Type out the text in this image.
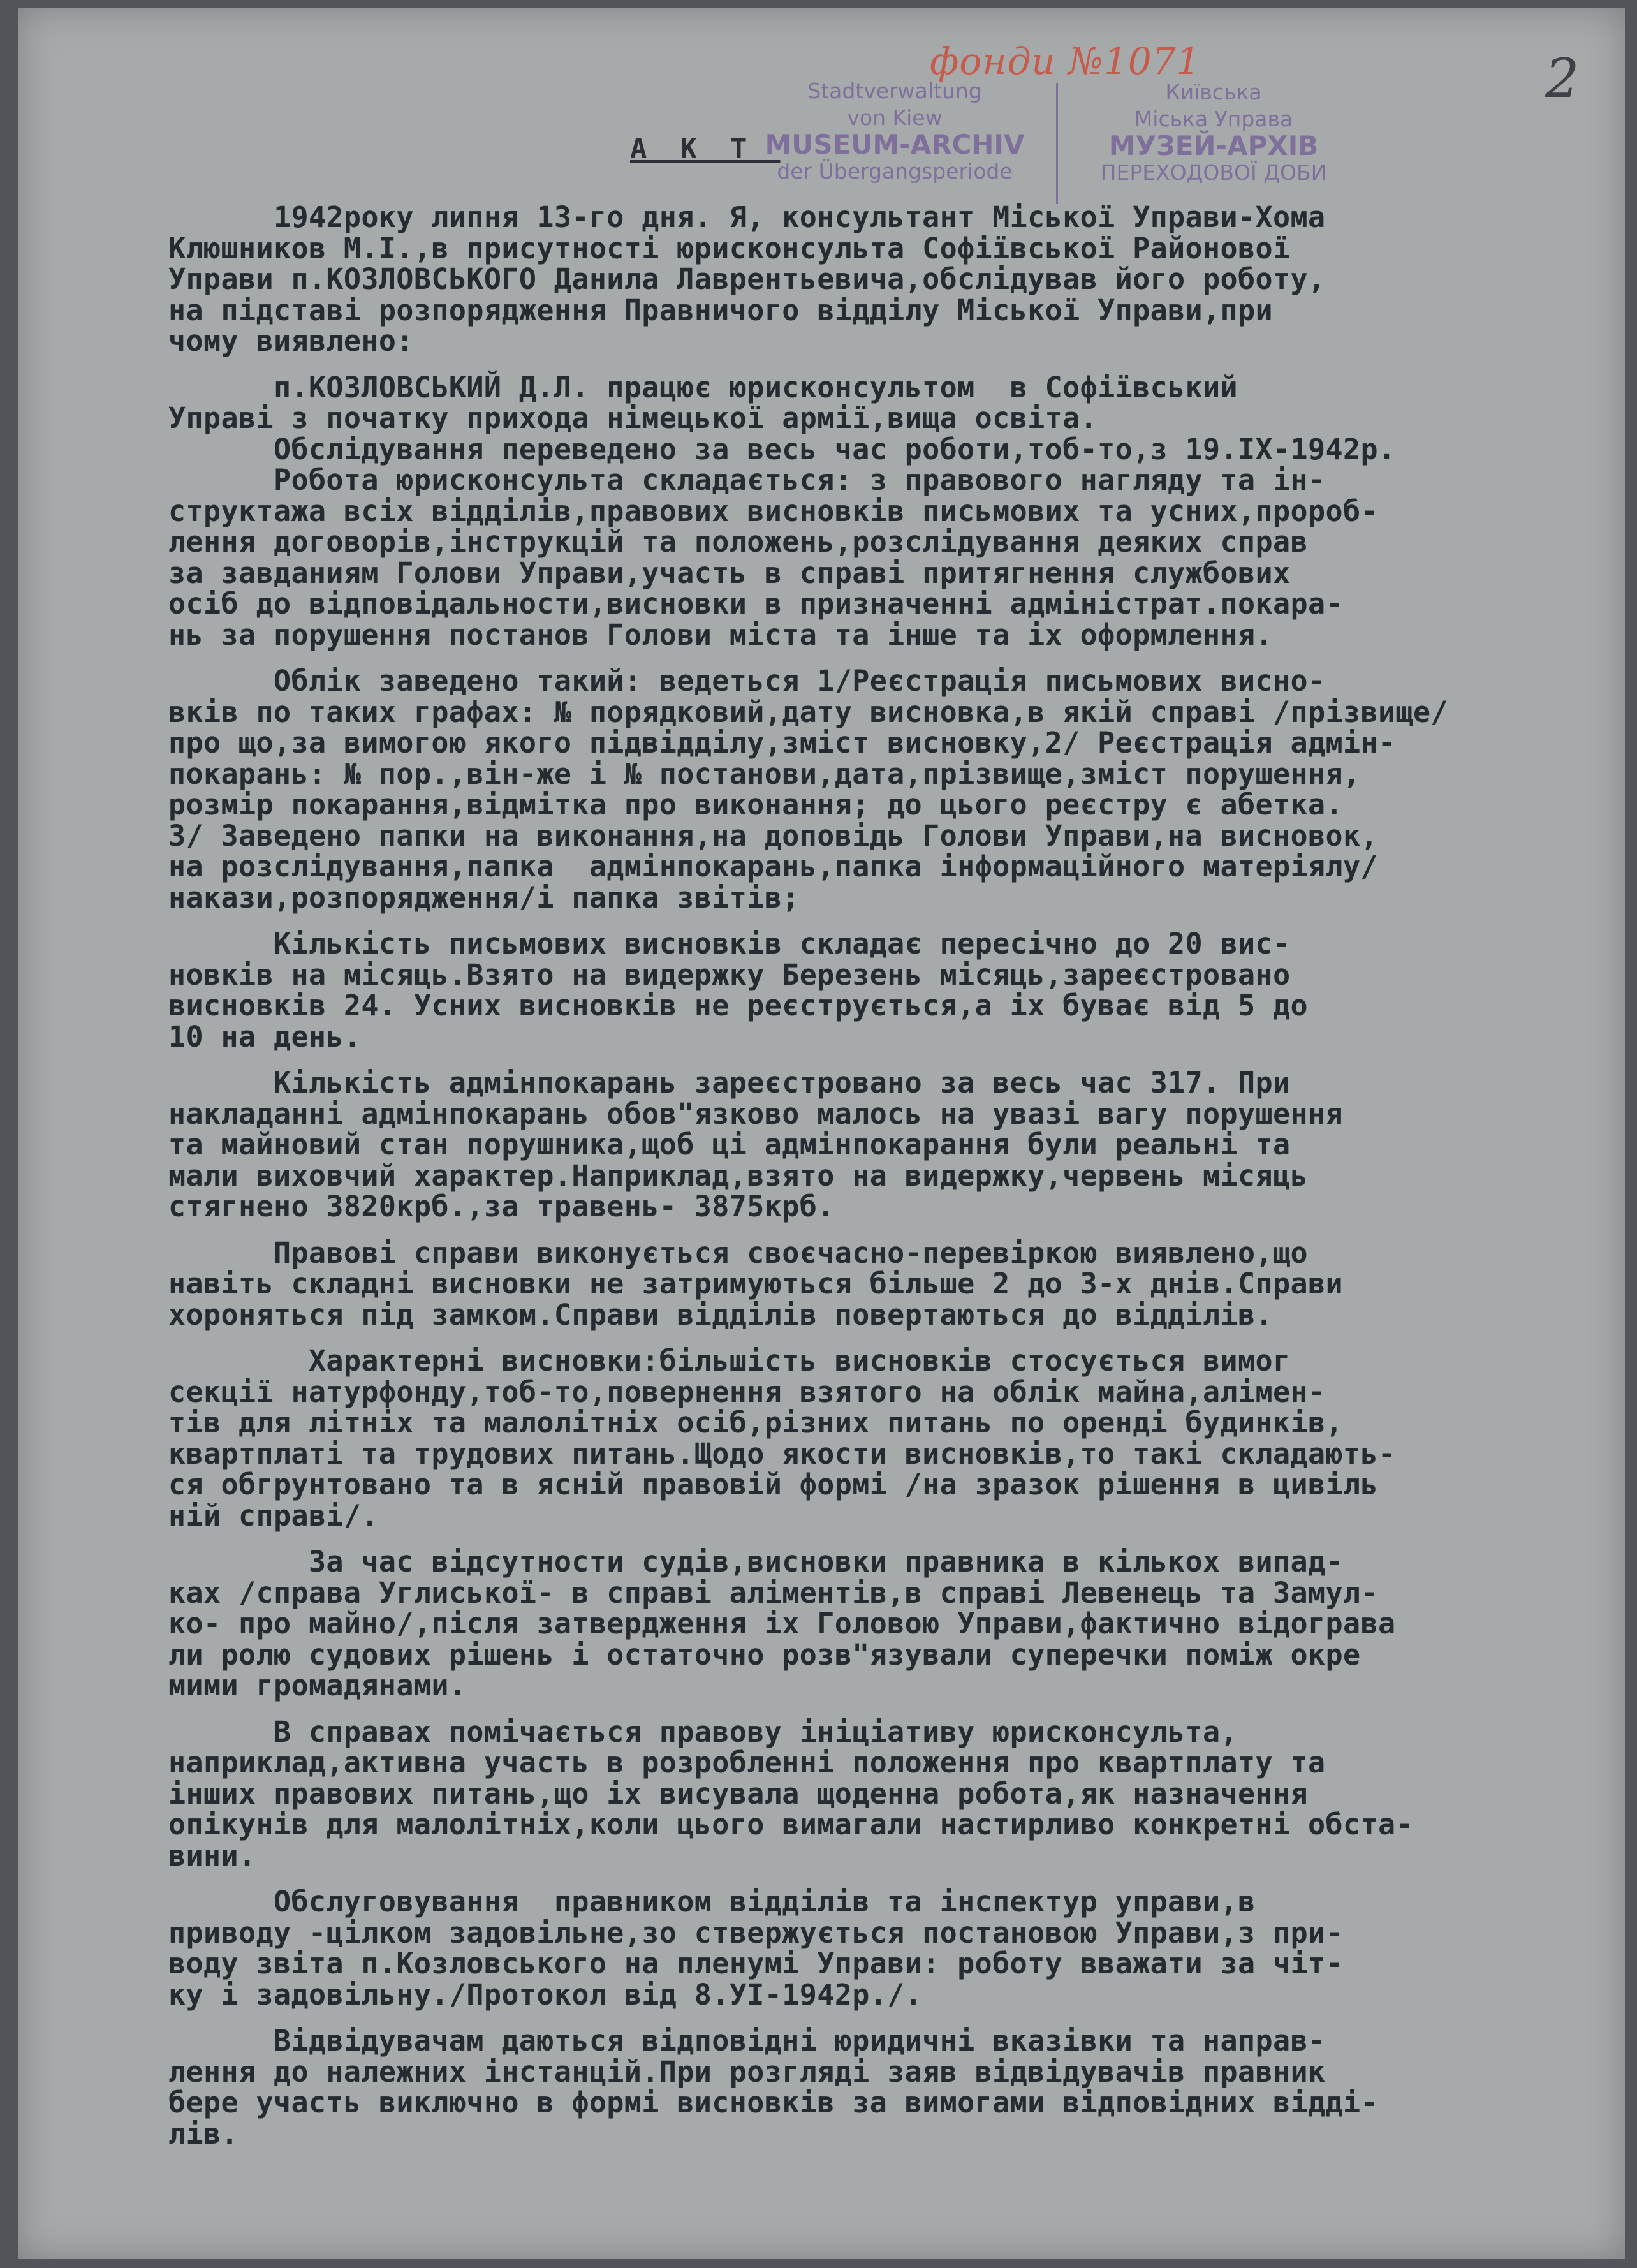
2
фонди №1071
Stadtverwaltung
von Kiew
MUSEUM-ARCHIV
der Übergangsperiode
Київська
Міська Управа
МУЗЕЙ-АРХІВ
ПЕРЕХОДОВОЇ ДОБИ
АКТ
1942року липня 13-го дня. Я, консультант Міської Управи-Хома
Клюшников М.І.,в присутності юрисконсульта Софіївської Районової
Управи п.КОЗЛОВСЬКОГО Данила Лаврентьевича,обслідував його роботу,
на підставі розпорядження Правничого відділу Міської Управи,при
чому виявлено:
п.КОЗЛОВСЬКИЙ Д.Л. працює юрисконсультом  в Софіївський
Управі з початку прихода німецької армії,вища освіта.
Обслідування переведено за весь час роботи,тоб-то,з 19.ІХ-1942р.
Робота юрисконсульта складається: з правового нагляду та ін-
структажа всіх відділів,правових висновків письмових та усних,пророб-
лення договорів,інструкцій та положень,розслідування деяких справ
за завданиям Голови Управи,участь в справі притягнення службових
осіб до відповідальности,висновки в призначенні адміністрат.покара-
нь за порушення постанов Голови міста та інше та іх оформлення.
Облік заведено такий: ведеться 1/Реєстрація письмових висно-
вків по таких графах: № порядковий,дату висновка,в якій справі /прізвище/
про що,за вимогою якого підвідділу,зміст висновку,2/ Реєстрація адмін-
покарань: № пор.,він-же і № постанови,дата,прізвище,зміст порушення,
розмір покарання,відмітка про виконання; до цього реєстру є абетка.
3/ Заведено папки на виконання,на доповідь Голови Управи,на висновок,
на розслідування,папка  адмінпокарань,папка інформаційного матеріялу/
накази,розпорядження/і папка звітів;
Кількість письмових висновків складає пересічно до 20 вис-
новків на місяць.Взято на видержку Березень місяць,зареєстровано
висновків 24. Усних висновків не реєструється,а іх буває від 5 до
10 на день.
Кількість адмінпокарань зареєстровано за весь час 317. При
накладанні адмінпокарань обов"язково малось на увазі вагу порушення
та майновий стан порушника,щоб ці адмінпокарання були реальні та
мали виховчий характер.Наприклад,взято на видержку,червень місяць
стягнено 3820крб.,за травень- 3875крб.
Правові справи виконується своєчасно-перевіркою виявлено,що
навіть складні висновки не затримуються більше 2 до 3-х днів.Справи
хороняться під замком.Справи відділів повертаються до відділів.
Характерні висновки:більшість висновків стосується вимог
секції натурфонду,тоб-то,повернення взятого на облік майна,алімен-
тів для літніх та малолітніх осіб,різних питань по оренді будинків,
квартплаті та трудових питань.Щодо якости висновків,то такі складають-
ся обгрунтовано та в ясній правовій формі /на зразок рішення в цивіль
ній справі/.
За час відсутности судів,висновки правника в кількох випад-
ках /справа Углиської- в справі аліментів,в справі Левенець та Замул-
ко- про майно/,після затвердження іх Головою Управи,фактично відограва
ли ролю судових рішень і остаточно розв"язували суперечки поміж окре
мими громадянами.
В справах помічається правову ініціативу юрисконсульта,
наприклад,активна участь в розробленні положення про квартплату та
інших правових питань,що іх висувала щоденна робота,як назначення
опікунів для малолітніх,коли цього вимагали настирливо конкретні обста-
вини.
Обслуговування  правником відділів та інспектур управи,в
приводу -цілком задовільне,зо ствержується постановою Управи,з при-
воду звіта п.Козловського на пленумі Управи: роботу вважати за чіт-
ку і задовільну./Протокол від 8.УІ-1942р./.
Відвідувачам даються відповідні юридичні вказівки та направ-
лення до належних інстанцій.При розгляді заяв відвідувачів правник
бере участь виключно в формі висновків за вимогами відповідних відді-
лів.
